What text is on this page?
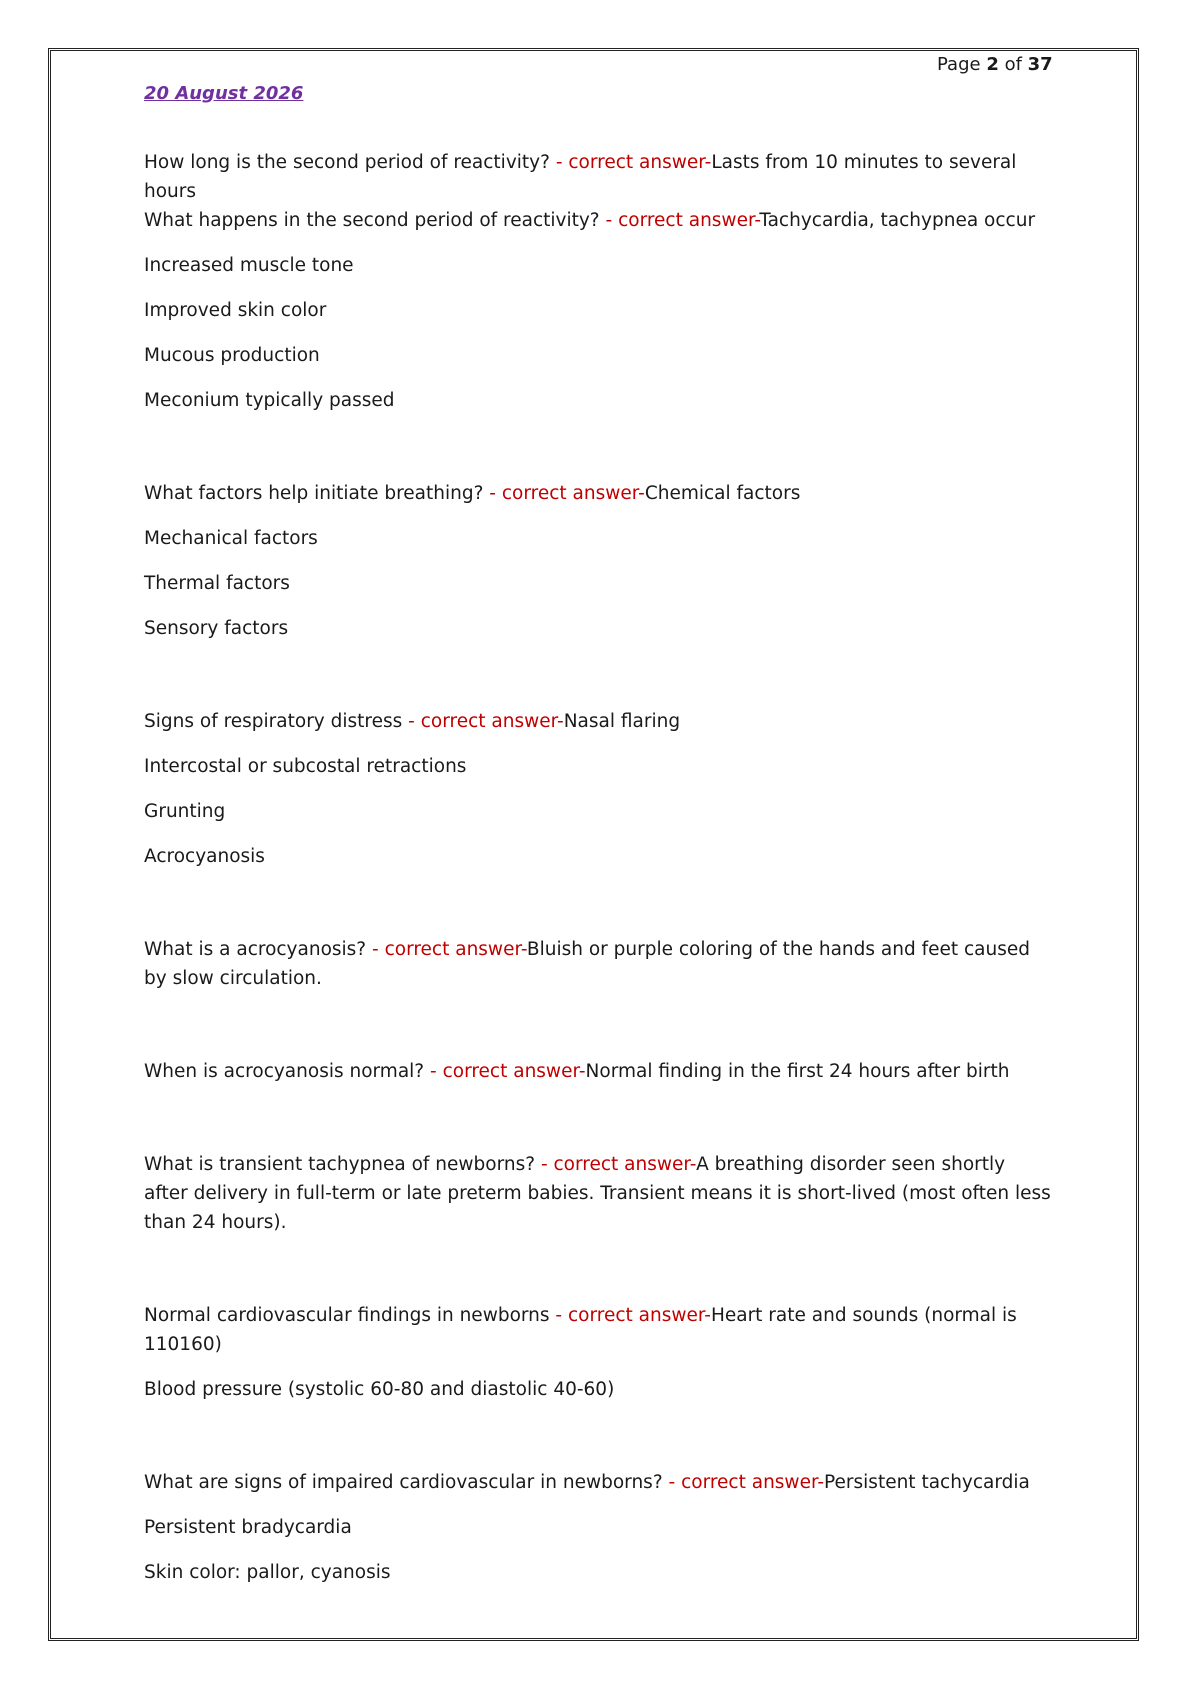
Page 2 of 37
20 August 2026

How long is the second period of reactivity? - correct answer-Lasts from 10 minutes to several hours

What happens in the second period of reactivity? - correct answer-Tachycardia, tachypnea occur

Increased muscle tone

Improved skin color

Mucous production

Meconium typically passed

What factors help initiate breathing? - correct answer-Chemical factors

Mechanical factors

Thermal factors

Sensory factors

Signs of respiratory distress - correct answer-Nasal flaring

Intercostal or subcostal retractions

Grunting

Acrocyanosis

What is a acrocyanosis? - correct answer-Bluish or purple coloring of the hands and feet caused by slow circulation.

When is acrocyanosis normal? - correct answer-Normal finding in the first 24 hours after birth

What is transient tachypnea of newborns? - correct answer-A breathing disorder seen shortly after delivery in full-term or late preterm babies. Transient means it is short-lived (most often less than 24 hours).

Normal cardiovascular findings in newborns - correct answer-Heart rate and sounds (normal is 110160)

Blood pressure (systolic 60-80 and diastolic 40-60)

What are signs of impaired cardiovascular in newborns? - correct answer-Persistent tachycardia

Persistent bradycardia

Skin color: pallor, cyanosis
